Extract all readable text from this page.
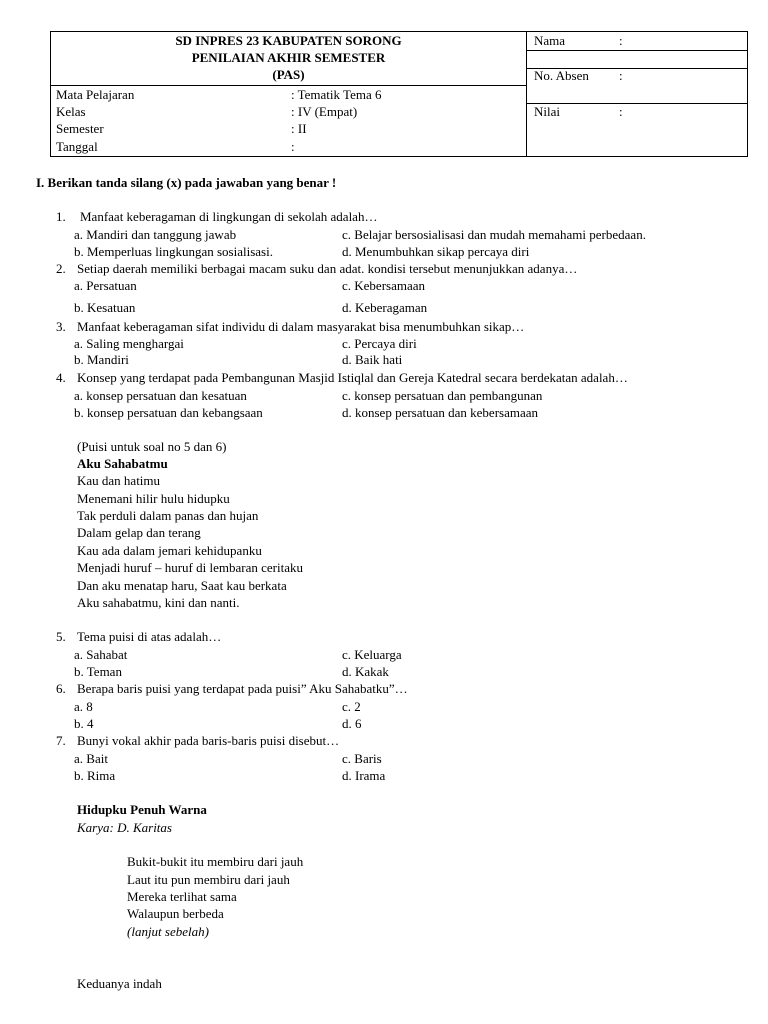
SD INPRES 23 KABUPATEN SORONG
PENILAIAN AKHIR SEMESTER
(PAS)
Mata Pelajaran	: Tematik Tema 6
Kelas	: IV (Empat)
Semester	: II
Tanggal	:
Nama	:
No. Absen :
Nilai	:
I. Berikan tanda silang (x) pada jawaban yang benar !
1. Manfaat keberagaman di lingkungan di sekolah adalah…
a. Mandiri dan tanggung jawab	c. Belajar bersosialisasi dan mudah memahami perbedaan.
b. Memperluas lingkungan sosialisasi.	d. Menumbuhkan sikap percaya diri
2. Setiap daerah memiliki berbagai macam suku dan adat. kondisi tersebut menunjukkan adanya…
a. Persatuan	c. Kebersamaan
b. Kesatuan	d. Keberagaman
3. Manfaat keberagaman sifat individu di dalam masyarakat bisa menumbuhkan sikap…
a. Saling menghargai	c. Percaya diri
b. Mandiri	d. Baik hati
4. Konsep yang terdapat pada Pembangunan Masjid Istiqlal dan Gereja Katedral secara berdekatan adalah…
a. konsep persatuan dan kesatuan	c. konsep persatuan dan pembangunan
b. konsep persatuan dan kebangsaan	d. konsep persatuan dan kebersamaan
(Puisi untuk soal no 5 dan 6)
Aku Sahabatmu
Kau dan hatimu
Menemani hilir hulu hidupku
Tak perduli dalam panas dan hujan
Dalam gelap dan terang
Kau ada dalam jemari kehidupanku
Menjadi huruf – huruf di lembaran ceritaku
Dan aku menatap haru, Saat kau berkata
Aku sahabatmu, kini dan nanti.
5. Tema puisi di atas adalah…
a. Sahabat	c. Keluarga
b. Teman	d. Kakak
6. Berapa baris puisi yang terdapat pada puisi” Aku Sahabatku”…
a. 8	c. 2
b. 4	d. 6
7. Bunyi vokal akhir pada baris-baris puisi disebut…
a. Bait	c. Baris
b. Rima	d. Irama
Hidupku Penuh Warna
Karya: D. Karitas
Bukit-bukit itu membiru dari jauh
Laut itu pun membiru dari jauh
Mereka terlihat sama
Walaupun berbeda
(lanjut sebelah)
Keduanya indah
